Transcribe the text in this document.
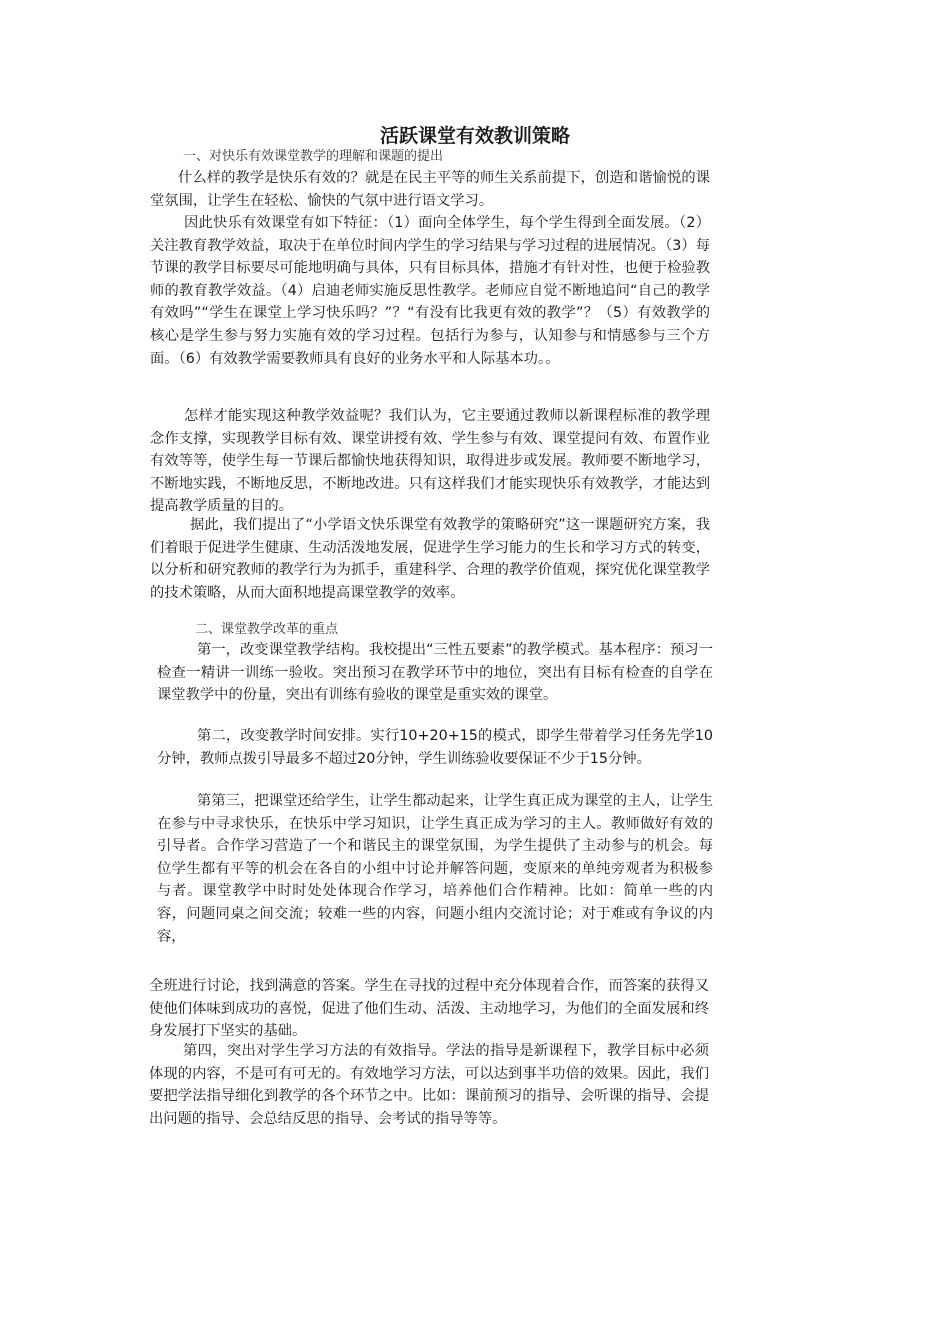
活跃课堂有效教训策略
一、对快乐有效课堂教学的理解和课题的提出
什么样的教学是快乐有效的？就是在民主平等的师生关系前提下，创造和谐愉悦的课堂氛围，让学生在轻松、愉快的气氛中进行语文学习。
因此快乐有效课堂有如下特征：（1）面向全体学生，每个学生得到全面发展。（2）关注教育教学效益，取决于在单位时间内学生的学习结果与学习过程的进展情况。（3）每节课的教学目标要尽可能地明确与具体，只有目标具体，措施才有针对性，也便于检验教师的教育教学效益。（4）启迪老师实施反思性教学。老师应自觉不断地追问“自己的教学有效吗”“学生在课堂上学习快乐吗？”？“有没有比我更有效的教学”？（5）有效教学的核心是学生参与努力实施有效的学习过程。包括行为参与，认知参与和情感参与三个方面。（6）有效教学需要教师具有良好的业务水平和人际基本功。。
怎样才能实现这种教学效益呢？我们认为，它主要通过教师以新课程标准的教学理念作支撑，实现教学目标有效、课堂讲授有效、学生参与有效、课堂提问有效、布置作业有效等等，使学生每一节课后都愉快地获得知识，取得进步或发展。教师要不断地学习，不断地实践，不断地反思，不断地改进。只有这样我们才能实现快乐有效教学，才能达到提高教学质量的目的。
据此，我们提出了“小学语文快乐课堂有效教学的策略研究”这一课题研究方案，我们着眼于促进学生健康、生动活泼地发展，促进学生学习能力的生长和学习方式的转变，以分析和研究教师的教学行为为抓手，重建科学、合理的教学价值观，探究优化课堂教学的技术策略，从而大面积地提高课堂教学的效率。
二、课堂教学改革的重点
第一，改变课堂教学结构。我校提出“三性五要素”的教学模式。基本程序：预习一检查一精讲一训练一验收。突出预习在教学环节中的地位，突出有目标有检查的自学在课堂教学中的份量，突出有训练有验收的课堂是重实效的课堂。
第二，改变教学时间安排。实行10+20+15的模式，即学生带着学习任务先学10分钟，教师点拨引导最多不超过20分钟，学生训练验收要保证不少于15分钟。
第第三，把课堂还给学生，让学生都动起来，让学生真正成为课堂的主人，让学生在参与中寻求快乐，在快乐中学习知识，让学生真正成为学习的主人。教师做好有效的引导者。合作学习营造了一个和谐民主的课堂氛围，为学生提供了主动参与的机会。每位学生都有平等的机会在各自的小组中讨论并解答问题，变原来的单纯旁观者为积极参与者。课堂教学中时时处处体现合作学习，培养他们合作精神。比如：简单一些的内容，问题同桌之间交流；较难一些的内容，问题小组内交流讨论；对于难或有争议的内容，
全班进行讨论，找到满意的答案。学生在寻找的过程中充分体现着合作，而答案的获得又使他们体味到成功的喜悦，促进了他们生动、活泼、主动地学习，为他们的全面发展和终身发展打下坚实的基础。
第四，突出对学生学习方法的有效指导。学法的指导是新课程下，教学目标中必须体现的内容，不是可有可无的。有效地学习方法，可以达到事半功倍的效果。因此，我们要把学法指导细化到教学的各个环节之中。比如：课前预习的指导、会听课的指导、会提出问题的指导、会总结反思的指导、会考试的指导等等。
